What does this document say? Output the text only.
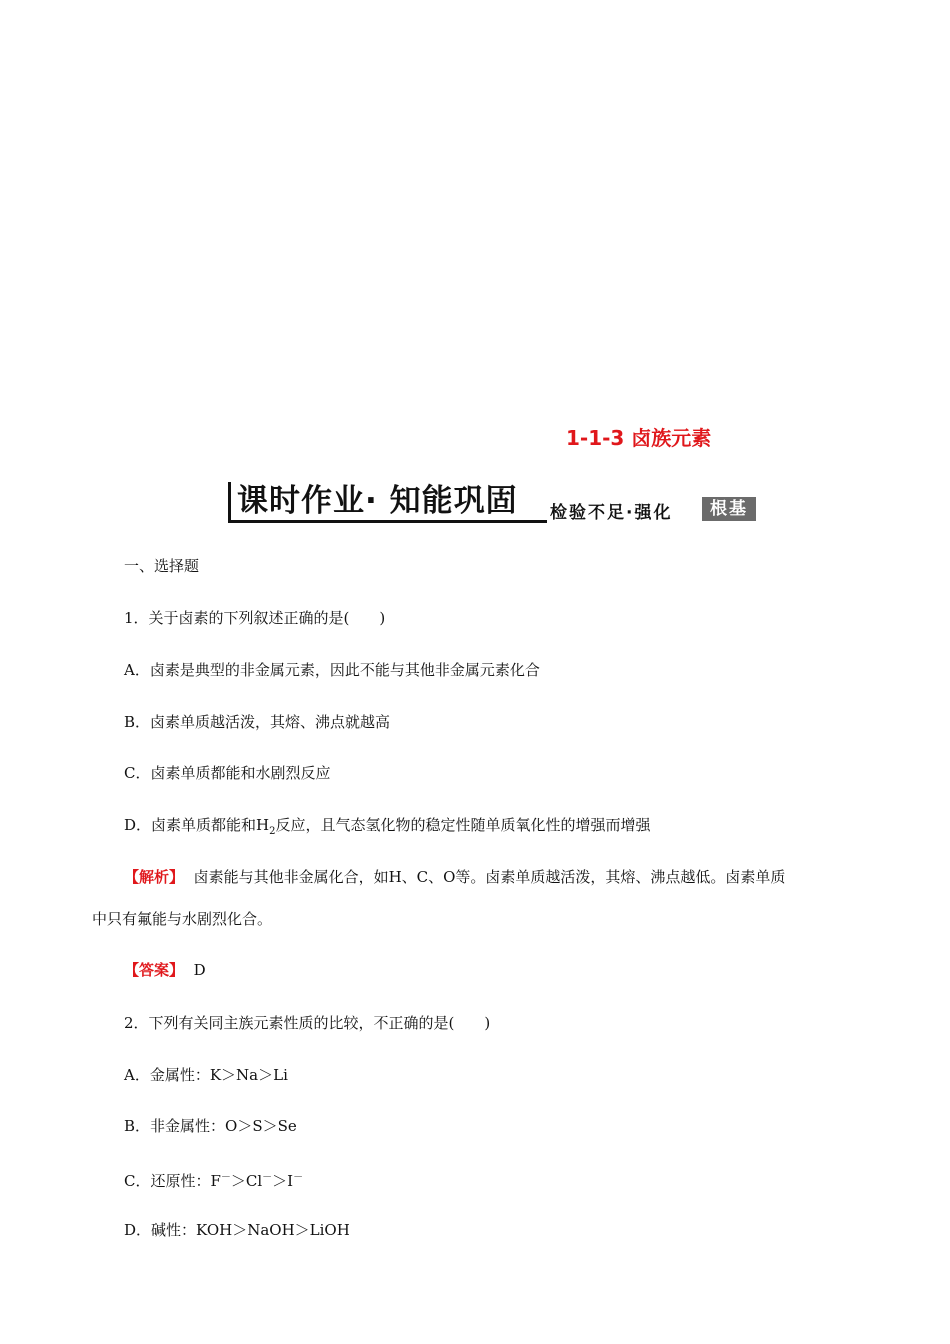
1-1-3 卤族元素
课时作业· 知能巩固	检验不足·强化	根基
一、选择题
1．关于卤素的下列叙述正确的是(　　)
A．卤素是典型的非金属元素，因此不能与其他非金属元素化合
B．卤素单质越活泼，其熔、沸点就越高
C．卤素单质都能和水剧烈反应
D．卤素单质都能和$H_2$反应，且气态氢化物的稳定性随单质氧化性的增强而增强
【解析】 卤素能与其他非金属化合，如H、C、O等。卤素单质越活泼，其熔、沸点越低。卤素单质
中只有氟能与水剧烈化合。
【答案】 D
2．下列有关同主族元素性质的比较，不正确的是(　　)
A．金属性：K＞Na＞Li
B．非金属性：O＞S＞Se
C．还原性：F－＞Cl－＞I－
D．碱性：KOH＞NaOH＞LiOH
